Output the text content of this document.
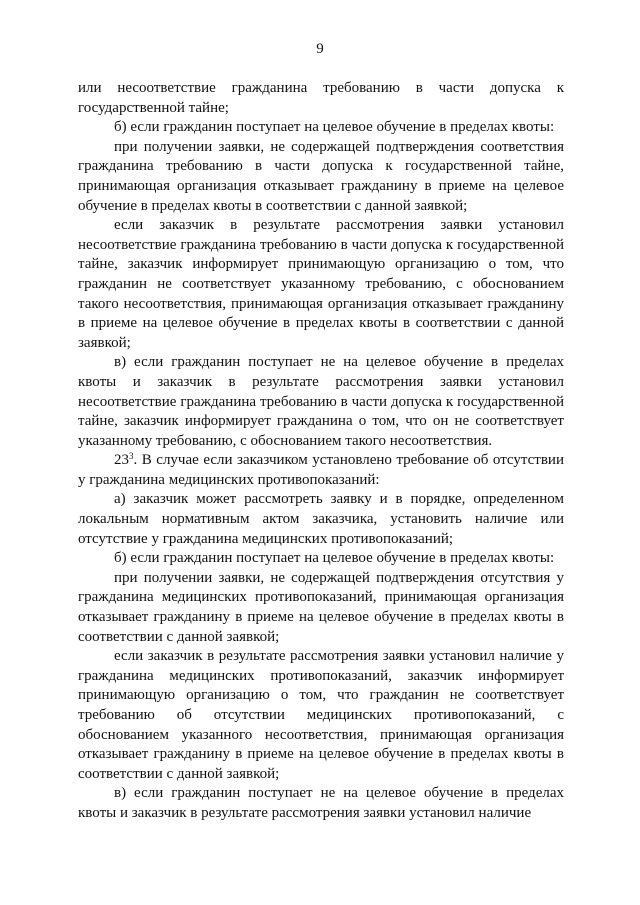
9

или несоответствие гражданина требованию в части допуска к государственной тайне;

б) если гражданин поступает на целевое обучение в пределах квоты:

при получении заявки, не содержащей подтверждения соответствия гражданина требованию в части допуска к государственной тайне, принимающая организация отказывает гражданину в приеме на целевое обучение в пределах квоты в соответствии с данной заявкой;

если заказчик в результате рассмотрения заявки установил несоответствие гражданина требованию в части допуска к государственной тайне, заказчик информирует принимающую организацию о том, что гражданин не соответствует указанному требованию, с обоснованием такого несоответствия, принимающая организация отказывает гражданину в приеме на целевое обучение в пределах квоты в соответствии с данной заявкой;

в) если гражданин поступает не на целевое обучение в пределах квоты и заказчик в результате рассмотрения заявки установил несоответствие гражданина требованию в части допуска к государственной тайне, заказчик информирует гражданина о том, что он не соответствует указанному требованию, с обоснованием такого несоответствия.

$23^3$. В случае если заказчиком установлено требование об отсутствии у гражданина медицинских противопоказаний:

а) заказчик может рассмотреть заявку и в порядке, определенном локальным нормативным актом заказчика, установить наличие или отсутствие у гражданина медицинских противопоказаний;

б) если гражданин поступает на целевое обучение в пределах квоты:

при получении заявки, не содержащей подтверждения отсутствия у гражданина медицинских противопоказаний, принимающая организация отказывает гражданину в приеме на целевое обучение в пределах квоты в соответствии с данной заявкой;

если заказчик в результате рассмотрения заявки установил наличие у гражданина медицинских противопоказаний, заказчик информирует принимающую организацию о том, что гражданин не соответствует требованию об отсутствии медицинских противопоказаний, с обоснованием указанного несоответствия, принимающая организация отказывает гражданину в приеме на целевое обучение в пределах квоты в соответствии с данной заявкой;

в) если гражданин поступает не на целевое обучение в пределах квоты и заказчик в результате рассмотрения заявки установил наличие
